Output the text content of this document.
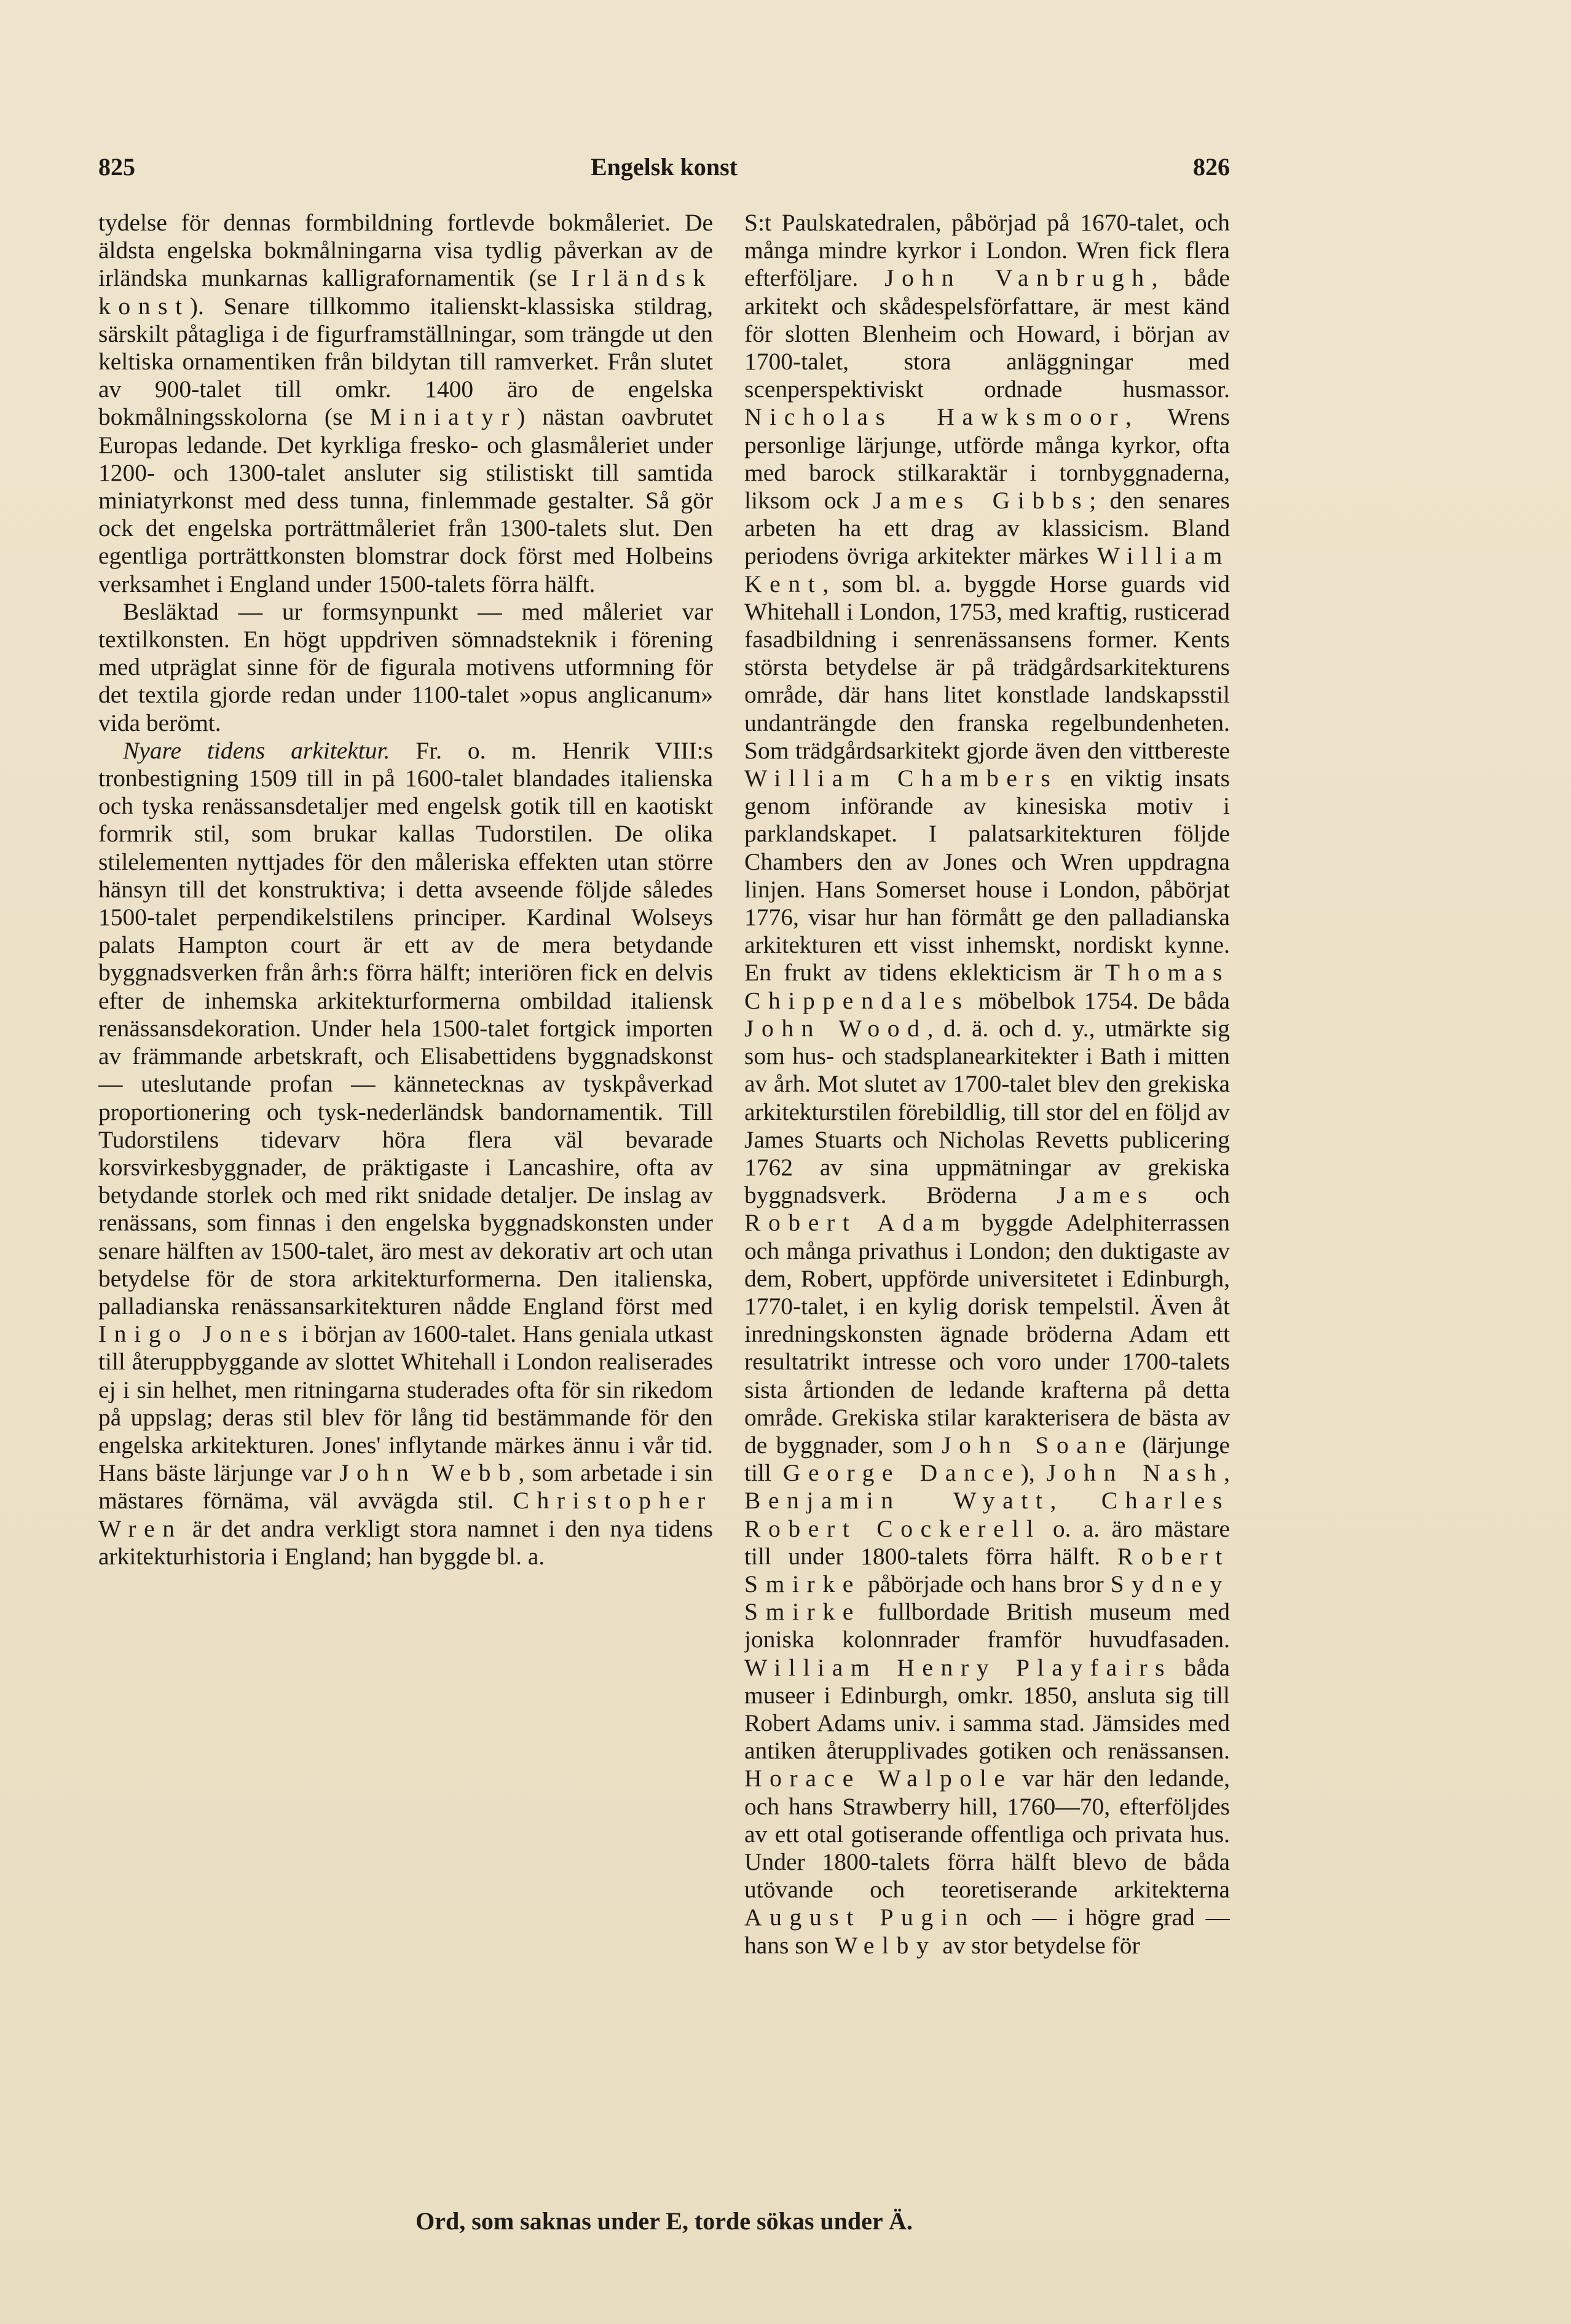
825	Engelsk konst	826

tydelse för dennas formbildning fortlevde bokmåleriet. De äldsta engelska bokmålningarna visa tydlig påverkan av de irländska munkarnas kalligrafornamentik (se Irländsk konst). Senare tillkommo italienskt-klassiska stildrag, särskilt påtagliga i de figurframställningar, som trängde ut den keltiska ornamentiken från bildytan till ramverket. Från slutet av 900-talet till omkr. 1400 äro de engelska bokmålningsskolorna (se Miniatyr) nästan oavbrutet Europas ledande. Det kyrkliga fresko- och glasmåleriet under 1200- och 1300-talet ansluter sig stilistiskt till samtida miniatyrkonst med dess tunna, finlemmade gestalter. Så gör ock det engelska porträttmåleriet från 1300-talets slut. Den egentliga porträttkonsten blomstrar dock först med Holbeins verksamhet i England under 1500-talets förra hälft.

Besläktad — ur formsynpunkt — med måleriet var textilkonsten. En högt uppdriven sömnadsteknik i förening med utpräglat sinne för de figurala motivens utformning för det textila gjorde redan under 1100-talet »opus anglicanum» vida berömt.

Nyare tidens arkitektur. Fr. o. m. Henrik VIII:s tronbestigning 1509 till in på 1600-talet blandades italienska och tyska renässansdetaljer med engelsk gotik till en kaotiskt formrik stil, som brukar kallas Tudorstilen. De olika stilelementen nyttjades för den måleriska effekten utan större hänsyn till det konstruktiva; i detta avseende följde således 1500-talet perpendikelstilens principer. Kardinal Wolseys palats Hampton court är ett av de mera betydande byggnadsverken från årh:s förra hälft; interiören fick en delvis efter de inhemska arkitekturformerna ombildad italiensk renässansdekoration. Under hela 1500-talet fortgick importen av främmande arbetskraft, och Elisabettidens byggnadskonst — uteslutande profan — kännetecknas av tyskpåverkad proportionering och tysk-nederländsk bandornamentik. Till Tudorstilens tidevarv höra flera väl bevarade korsvirkesbyggnader, de präktigaste i Lancashire, ofta av betydande storlek och med rikt snidade detaljer. De inslag av renässans, som finnas i den engelska byggnadskonsten under senare hälften av 1500-talet, äro mest av dekorativ art och utan betydelse för de stora arkitekturformerna. Den italienska, palladianska renässansarkitekturen nådde England först med Inigo Jones i början av 1600-talet. Hans geniala utkast till återuppbyggande av slottet Whitehall i London realiserades ej i sin helhet, men ritningarna studerades ofta för sin rikedom på uppslag; deras stil blev för lång tid bestämmande för den engelska arkitekturen. Jones' inflytande märkes ännu i vår tid. Hans bäste lärjunge var John Webb, som arbetade i sin mästares förnäma, väl avvägda stil. Christopher Wren är det andra verkligt stora namnet i den nya tidens arkitekturhistoria i England; han byggde bl. a.

S:t Paulskatedralen, påbörjad på 1670-talet, och många mindre kyrkor i London. Wren fick flera efterföljare. John Vanbrugh, både arkitekt och skådespelsförfattare, är mest känd för slotten Blenheim och Howard, i början av 1700-talet, stora anläggningar med scenperspektiviskt ordnade husmassor. Nicholas Hawksmoor, Wrens personlige lärjunge, utförde många kyrkor, ofta med barock stilkaraktär i tornbyggnaderna, liksom ock James Gibbs; den senares arbeten ha ett drag av klassicism. Bland periodens övriga arkitekter märkes William Kent, som bl. a. byggde Horse guards vid Whitehall i London, 1753, med kraftig, rusticerad fasadbildning i senrenässansens former. Kents största betydelse är på trädgårdsarkitekturens område, där hans litet konstlade landskapsstil undanträngde den franska regelbundenheten. Som trädgårdsarkitekt gjorde även den vittbereste William Chambers en viktig insats genom införande av kinesiska motiv i parklandskapet. I palatsarkitekturen följde Chambers den av Jones och Wren uppdragna linjen. Hans Somerset house i London, påbörjat 1776, visar hur han förmått ge den palladianska arkitekturen ett visst inhemskt, nordiskt kynne. En frukt av tidens eklekticism är Thomas Chippendales möbelbok 1754. De båda John Wood, d. ä. och d. y., utmärkte sig som hus- och stadsplanearkitekter i Bath i mitten av årh. Mot slutet av 1700-talet blev den grekiska arkitekturstilen förebildlig, till stor del en följd av James Stuarts och Nicholas Revetts publicering 1762 av sina uppmätningar av grekiska byggnadsverk. Bröderna James och Robert Adam byggde Adelphiterrassen och många privathus i London; den duktigaste av dem, Robert, uppförde universitetet i Edinburgh, 1770-talet, i en kylig dorisk tempelstil. Även åt inredningskonsten ägnade bröderna Adam ett resultatrikt intresse och voro under 1700-talets sista årtionden de ledande krafterna på detta område. Grekiska stilar karakterisera de bästa av de byggnader, som John Soane (lärjunge till George Dance), John Nash, Benjamin Wyatt, Charles Robert Cockerell o. a. äro mästare till under 1800-talets förra hälft. Robert Smirke påbörjade och hans bror Sydney Smirke fullbordade British museum med joniska kolonnrader framför huvudfasaden. William Henry Playfairs båda museer i Edinburgh, omkr. 1850, ansluta sig till Robert Adams univ. i samma stad. Jämsides med antiken återupplivades gotiken och renässansen. Horace Walpole var här den ledande, och hans Strawberry hill, 1760—70, efterföljdes av ett otal gotiserande offentliga och privata hus. Under 1800-talets förra hälft blevo de båda utövande och teoretiserande arkitekterna August Pugin och — i högre grad — hans son Welby av stor betydelse för

Ord, som saknas under E, torde sökas under Ä.
